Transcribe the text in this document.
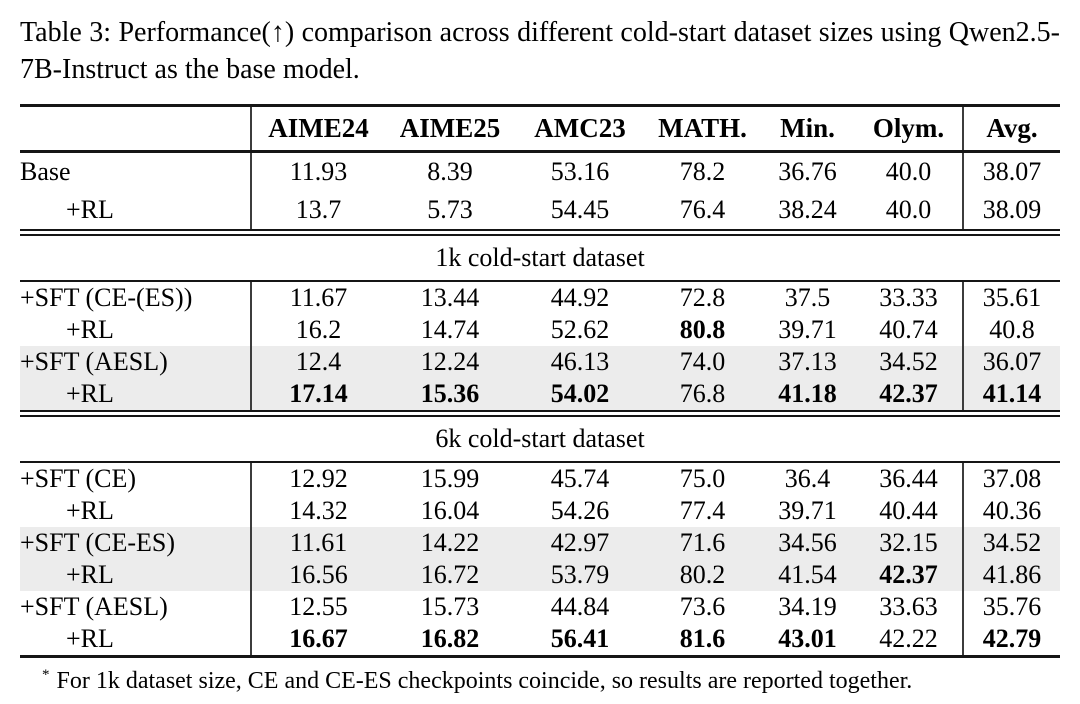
Table 3: Performance(↑) comparison across different cold-start dataset sizes using Qwen2.5-
7B-Instruct as the base model.
	AIME24	AIME25	AMC23	MATH.	Min.	Olym.	Avg.
Base	11.93	8.39	53.16	78.2	36.76	40.0	38.07
+RL	13.7	5.73	54.45	76.4	38.24	40.0	38.09
1k cold-start dataset							
+SFT (CE-(ES))	11.67	13.44	44.92	72.8	37.5	33.33	35.61
+RL	16.2	14.74	52.62	80.8	39.71	40.74	40.8
+SFT (AESL)	12.4	12.24	46.13	74.0	37.13	34.52	36.07
+RL	17.14	15.36	54.02	76.8	41.18	42.37	41.14
6k cold-start dataset							
+SFT (CE)	12.92	15.99	45.74	75.0	36.4	36.44	37.08
+RL	14.32	16.04	54.26	77.4	39.71	40.44	40.36
+SFT (CE-ES)	11.61	14.22	42.97	71.6	34.56	32.15	34.52
+RL	16.56	16.72	53.79	80.2	41.54	42.37	41.86
+SFT (AESL)	12.55	15.73	44.84	73.6	34.19	33.63	35.76
+RL	16.67	16.82	56.41	81.6	43.01	42.22	42.79
* For 1k dataset size, CE and CE-ES checkpoints coincide, so results are reported together.
